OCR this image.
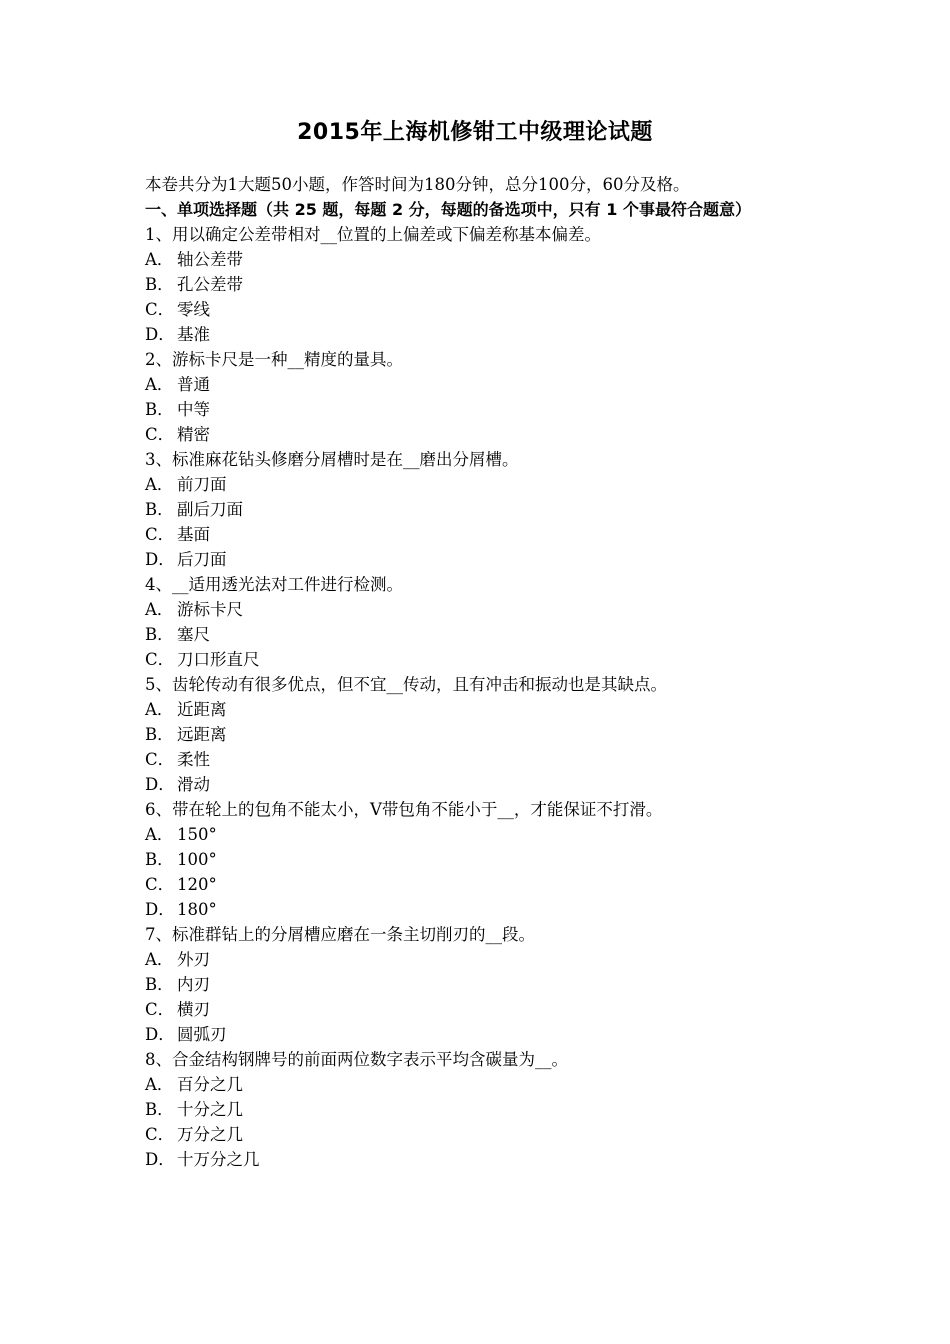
2015年上海机修钳工中级理论试题
本卷共分为1大题50小题，作答时间为180分钟，总分100分，60分及格。
一、单项选择题（共 25 题，每题 2 分，每题的备选项中，只有 1 个事最符合题意）
1、用以确定公差带相对__位置的上偏差或下偏差称基本偏差。
A． 轴公差带
B． 孔公差带
C． 零线
D． 基准
2、游标卡尺是一种__精度的量具。
A． 普通
B． 中等
C． 精密
3、标准麻花钻头修磨分屑槽时是在__磨出分屑槽。
A． 前刀面
B． 副后刀面
C． 基面
D． 后刀面
4、__适用透光法对工件进行检测。
A． 游标卡尺
B． 塞尺
C． 刀口形直尺
5、齿轮传动有很多优点，但不宜__传动，且有冲击和振动也是其缺点。
A． 近距离
B． 远距离
C． 柔性
D． 滑动
6、带在轮上的包角不能太小，V带包角不能小于__，才能保证不打滑。
A． 150°
B． 100°
C． 120°
D． 180°
7、标准群钻上的分屑槽应磨在一条主切削刃的__段。
A． 外刃
B． 内刃
C． 横刃
D． 圆弧刃
8、合金结构钢牌号的前面两位数字表示平均含碳量为__。
A． 百分之几
B． 十分之几
C． 万分之几
D． 十万分之几
